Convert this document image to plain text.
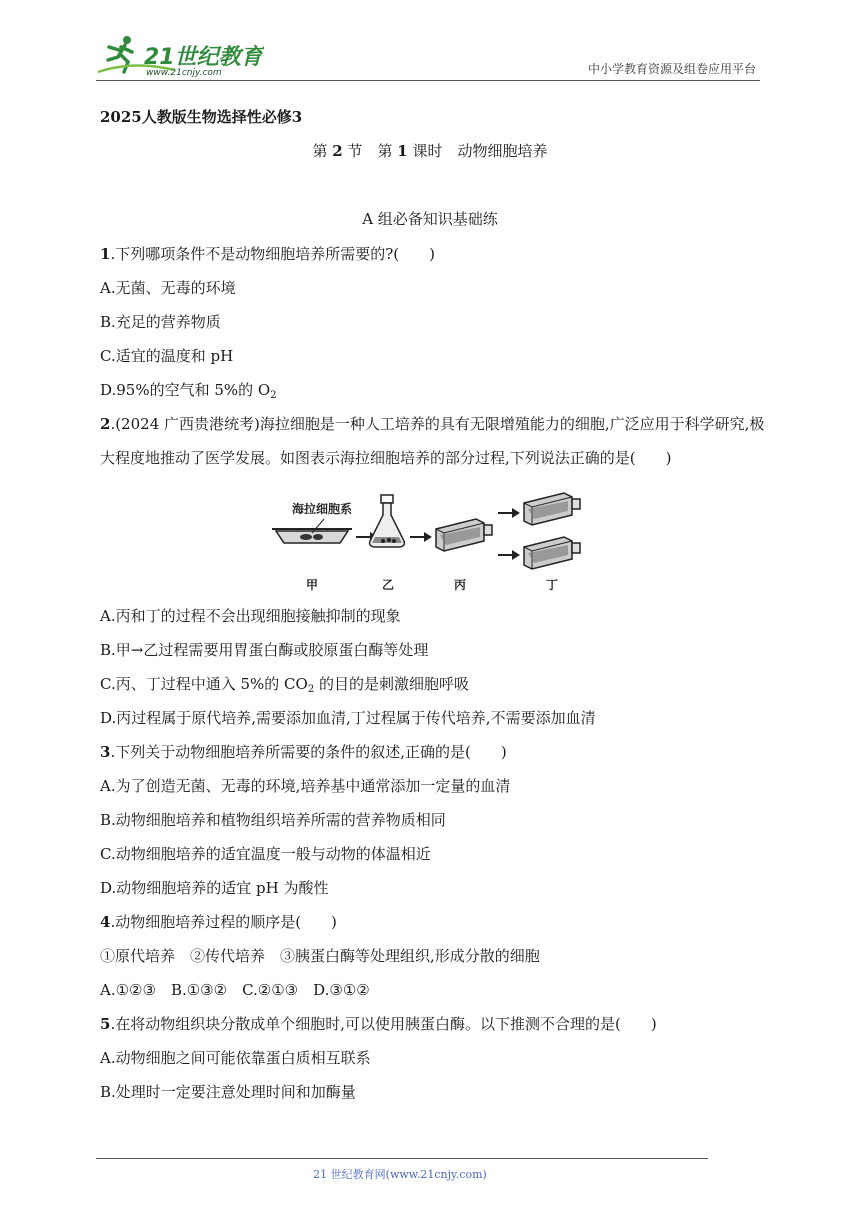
21世纪教育
www.21cnjy.com	中小学教育资源及组卷应用平台
2025人教版生物选择性必修3
第 2 节　第 1 课时　动物细胞培养
A 组必备知识基础练
1.下列哪项条件不是动物细胞培养所需要的?(　　)
A.无菌、无毒的环境
B.充足的营养物质
C.适宜的温度和 pH
D.95%的空气和 5%的 $O_2$
2.(2024 广西贵港统考)海拉细胞是一种人工培养的具有无限增殖能力的细胞,广泛应用于科学研究,极大程度地推动了医学发展。如图表示海拉细胞培养的部分过程,下列说法正确的是(　　)
海拉细胞系
甲	乙	丙	丁
A.丙和丁的过程不会出现细胞接触抑制的现象
B.甲→乙过程需要用胃蛋白酶或胶原蛋白酶等处理
C.丙、丁过程中通入 5%的 $CO_2$ 的目的是刺激细胞呼吸
D.丙过程属于原代培养,需要添加血清,丁过程属于传代培养,不需要添加血清
3.下列关于动物细胞培养所需要的条件的叙述,正确的是(　　)
A.为了创造无菌、无毒的环境,培养基中通常添加一定量的血清
B.动物细胞培养和植物组织培养所需的营养物质相同
C.动物细胞培养的适宜温度一般与动物的体温相近
D.动物细胞培养的适宜 pH 为酸性
4.动物细胞培养过程的顺序是(　　)
①原代培养　②传代培养　③胰蛋白酶等处理组织,形成分散的细胞
A.①②③　B.①③②　C.②①③　D.③①②
5.在将动物组织块分散成单个细胞时,可以使用胰蛋白酶。以下推测不合理的是(　　)
A.动物细胞之间可能依靠蛋白质相互联系
B.处理时一定要注意处理时间和加酶量
21 世纪教育网(www.21cnjy.com)
